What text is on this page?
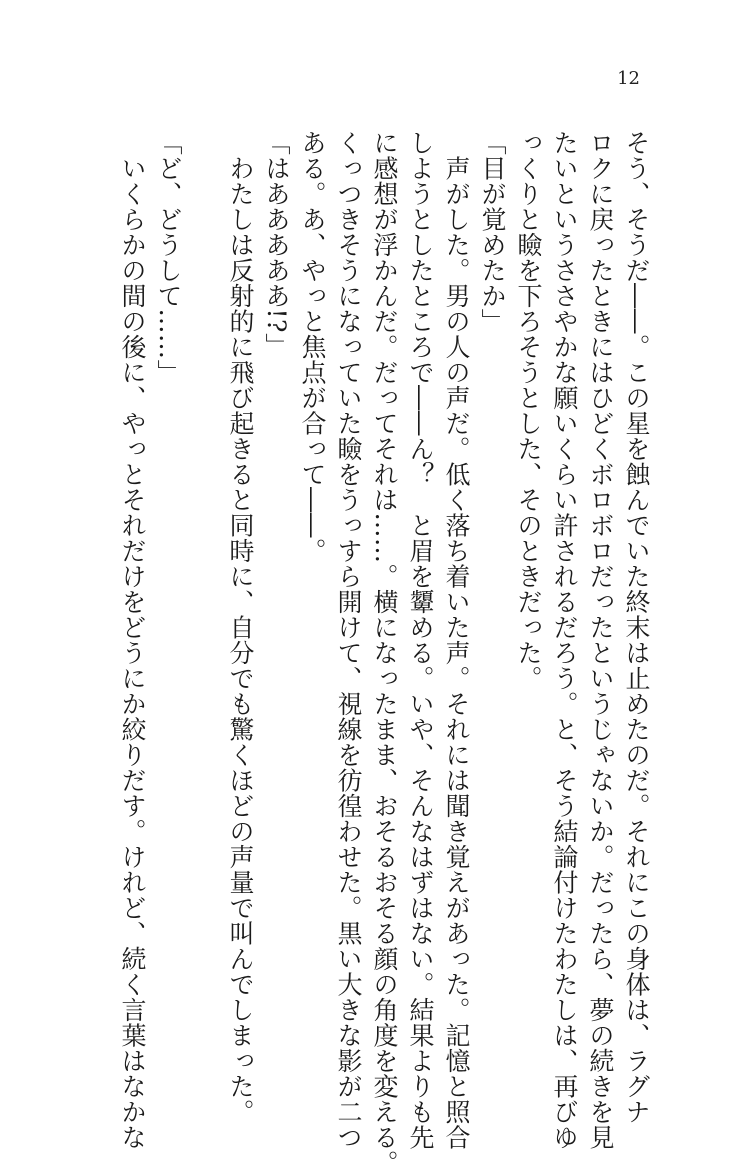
12
そう、そうだ――。この星を蝕んでいた終末は止めたのだ。それにこの身体は、ラグナ
ロクに戻ったときにはひどくボロボロだったというじゃないか。だったら、夢の続きを見
たいというささやかな願いくらい許されるだろう。と、そう結論付けたわたしは、再びゆ
っくりと瞼を下ろそうとした、そのときだった。
「目が覚めたか」
　声がした。男の人の声だ。低く落ち着いた声。それには聞き覚えがあった。記憶と照合
しようとしたところで――ん？　と眉を顰める。いや、そんなはずはない。結果よりも先
に感想が浮かんだ。だってそれは……。横になったまま、おそるおそる顔の角度を変える。
くっつきそうになっていた瞼をうっすら開けて、視線を彷徨わせた。黒い大きな影が二つ
ある。あ、やっと焦点が合って――。
「はあああああ!?」
　わたしは反射的に飛び起きると同時に、自分でも驚くほどの声量で叫んでしまった。

「ど、どうして……」
　いくらかの間の後に、やっとそれだけをどうにか絞りだす。けれど、続く言葉はなかな
